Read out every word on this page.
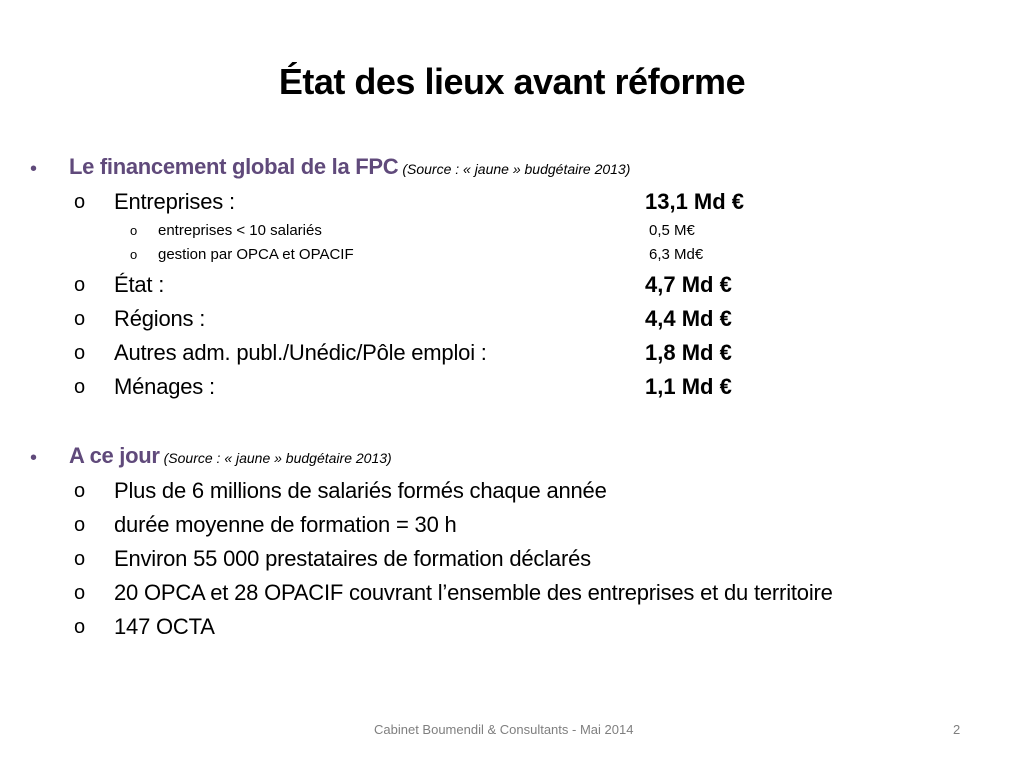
État des lieux avant réforme
• Le financement global de la FPC (Source : « jaune » budgétaire 2013)
o Entreprises :	13,1 Md €
o entreprises < 10 salariés	0,5 M€
o gestion par OPCA et OPACIF	6,3 Md€
o État :	4,7 Md €
o Régions :	4,4 Md €
o Autres adm. publ./Unédic/Pôle emploi :	1,8 Md €
o Ménages :	1,1 Md €
• A ce jour (Source : « jaune » budgétaire 2013)
o Plus de 6 millions de salariés formés chaque année
o durée moyenne de formation = 30 h
o Environ 55 000 prestataires de formation déclarés
o 20 OPCA et 28 OPACIF couvrant l’ensemble des entreprises et du territoire
o 147 OCTA
Cabinet Boumendil & Consultants - Mai 2014	2
